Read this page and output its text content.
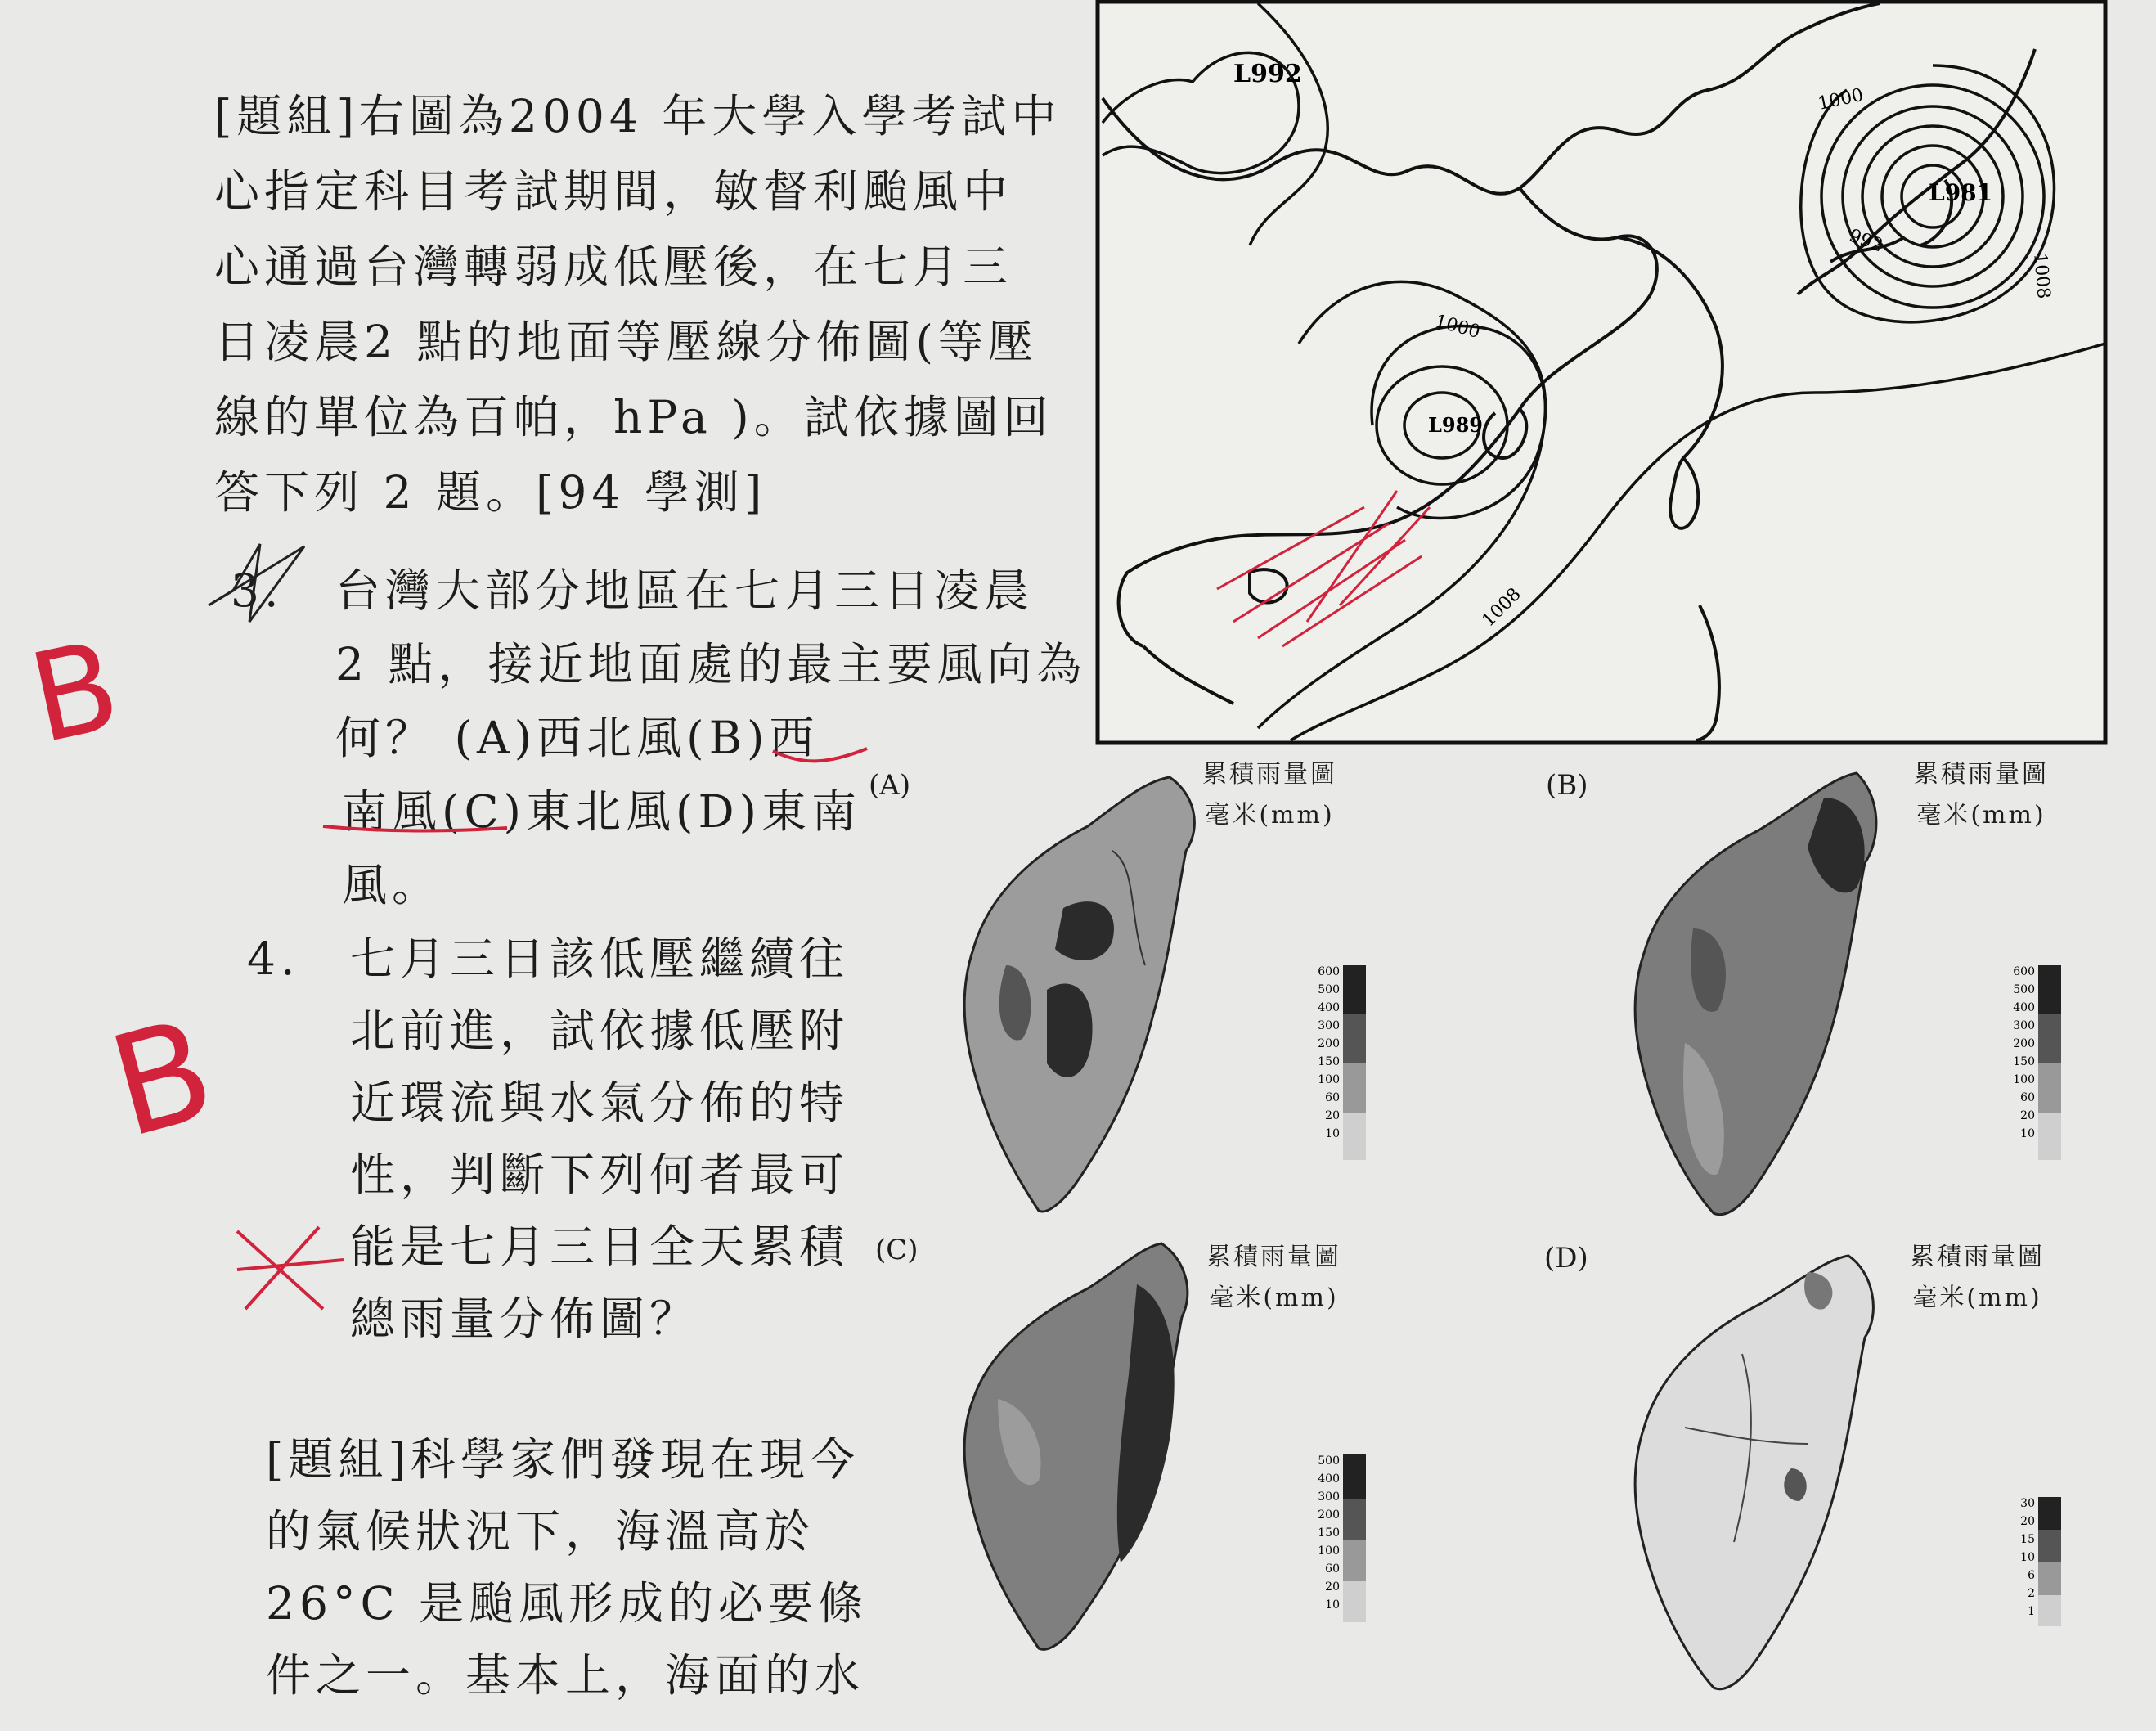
[題組]右圖為2004 年大學入學考試中
心指定科目考試期間，敏督利颱風中
心通過台灣轉弱成低壓後，在七月三
日凌晨2 點的地面等壓線分佈圖(等壓
線的單位為百帕，hPa )。試依據圖回
答下列 2 題。[94 學測]
3. 台灣大部分地區在七月三日凌晨
2 點，接近地面處的最主要風向為
何？ (A)西北風(B)西
南風(C)東北風(D)東南
風。
4. 七月三日該低壓繼續往
北前進，試依據低壓附
近環流與水氣分佈的特
性，判斷下列何者最可
能是七月三日全天累積
總雨量分佈圖？
[題組]科學家們發現在現今
的氣候狀況下，海溫高於
26°C 是颱風形成的必要條
件之一。基本上，海面的水
B
B
L992
L981
L989
1000
992
1008
1000
1008
(A)	累積雨量圖
毫米(mm)
600
500
400
300
200
150
100
60
20
10
(B)	累積雨量圖
毫米(mm)
600
500
400
300
200
150
100
60
20
10
(C)	累積雨量圖
毫米(mm)
500
400
300
200
150
100
60
20
10
(D)	累積雨量圖
毫米(mm)
30
20
15
10
6
2
1
